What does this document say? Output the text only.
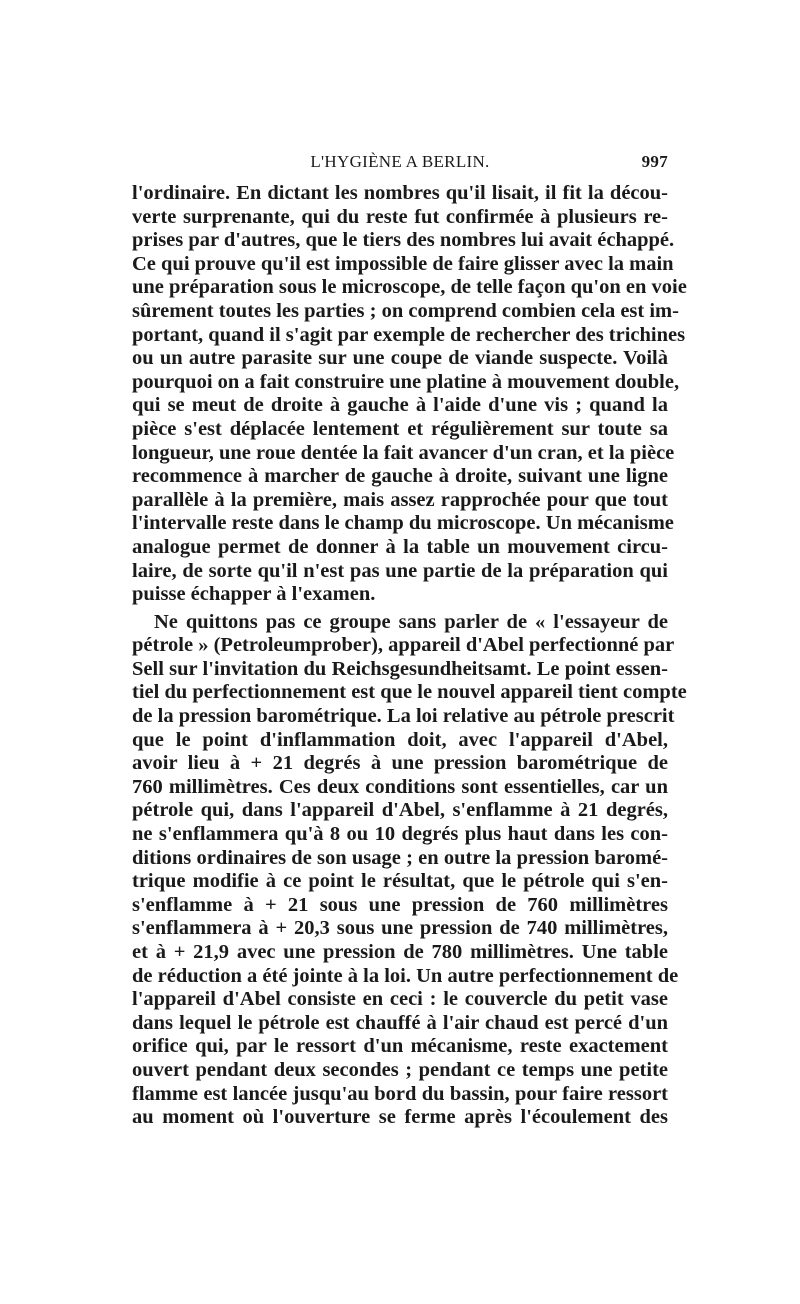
L'HYGIÈNE A BERLIN.	997

l'ordinaire. En dictant les nombres qu'il lisait, il fit la décou-
verte surprenante, qui du reste fut confirmée à plusieurs re-
prises par d'autres, que le tiers des nombres lui avait échappé.
Ce qui prouve qu'il est impossible de faire glisser avec la main
une préparation sous le microscope, de telle façon qu'on en voie
sûrement toutes les parties ; on comprend combien cela est im-
portant, quand il s'agit par exemple de rechercher des trichines
ou un autre parasite sur une coupe de viande suspecte. Voilà
pourquoi on a fait construire une platine à mouvement double,
qui se meut de droite à gauche à l'aide d'une vis ; quand la
pièce s'est déplacée lentement et régulièrement sur toute sa
longueur, une roue dentée la fait avancer d'un cran, et la pièce
recommence à marcher de gauche à droite, suivant une ligne
parallèle à la première, mais assez rapprochée pour que tout
l'intervalle reste dans le champ du microscope. Un mécanisme
analogue permet de donner à la table un mouvement circu-
laire, de sorte qu'il n'est pas une partie de la préparation qui
puisse échapper à l'examen.

Ne quittons pas ce groupe sans parler de « l'essayeur de
pétrole » (Petroleumprober), appareil d'Abel perfectionné par
Sell sur l'invitation du Reichsgesundheitsamt. Le point essen-
tiel du perfectionnement est que le nouvel appareil tient compte
de la pression barométrique. La loi relative au pétrole prescrit
que le point d'inflammation doit, avec l'appareil d'Abel,
avoir lieu à + 21 degrés à une pression barométrique de
760 millimètres. Ces deux conditions sont essentielles, car un
pétrole qui, dans l'appareil d'Abel, s'enflamme à 21 degrés,
ne s'enflammera qu'à 8 ou 10 degrés plus haut dans les con-
ditions ordinaires de son usage ; en outre la pression baromé-
trique modifie à ce point le résultat, que le pétrole qui s'en-
s'enflamme à + 21 sous une pression de 760 millimètres
s'enflammera à + 20,3 sous une pression de 740 millimètres,
et à + 21,9 avec une pression de 780 millimètres. Une table
de réduction a été jointe à la loi. Un autre perfectionnement de
l'appareil d'Abel consiste en ceci : le couvercle du petit vase
dans lequel le pétrole est chauffé à l'air chaud est percé d'un
orifice qui, par le ressort d'un mécanisme, reste exactement
ouvert pendant deux secondes ; pendant ce temps une petite
flamme est lancée jusqu'au bord du bassin, pour faire ressort
au moment où l'ouverture se ferme après l'écoulement des
